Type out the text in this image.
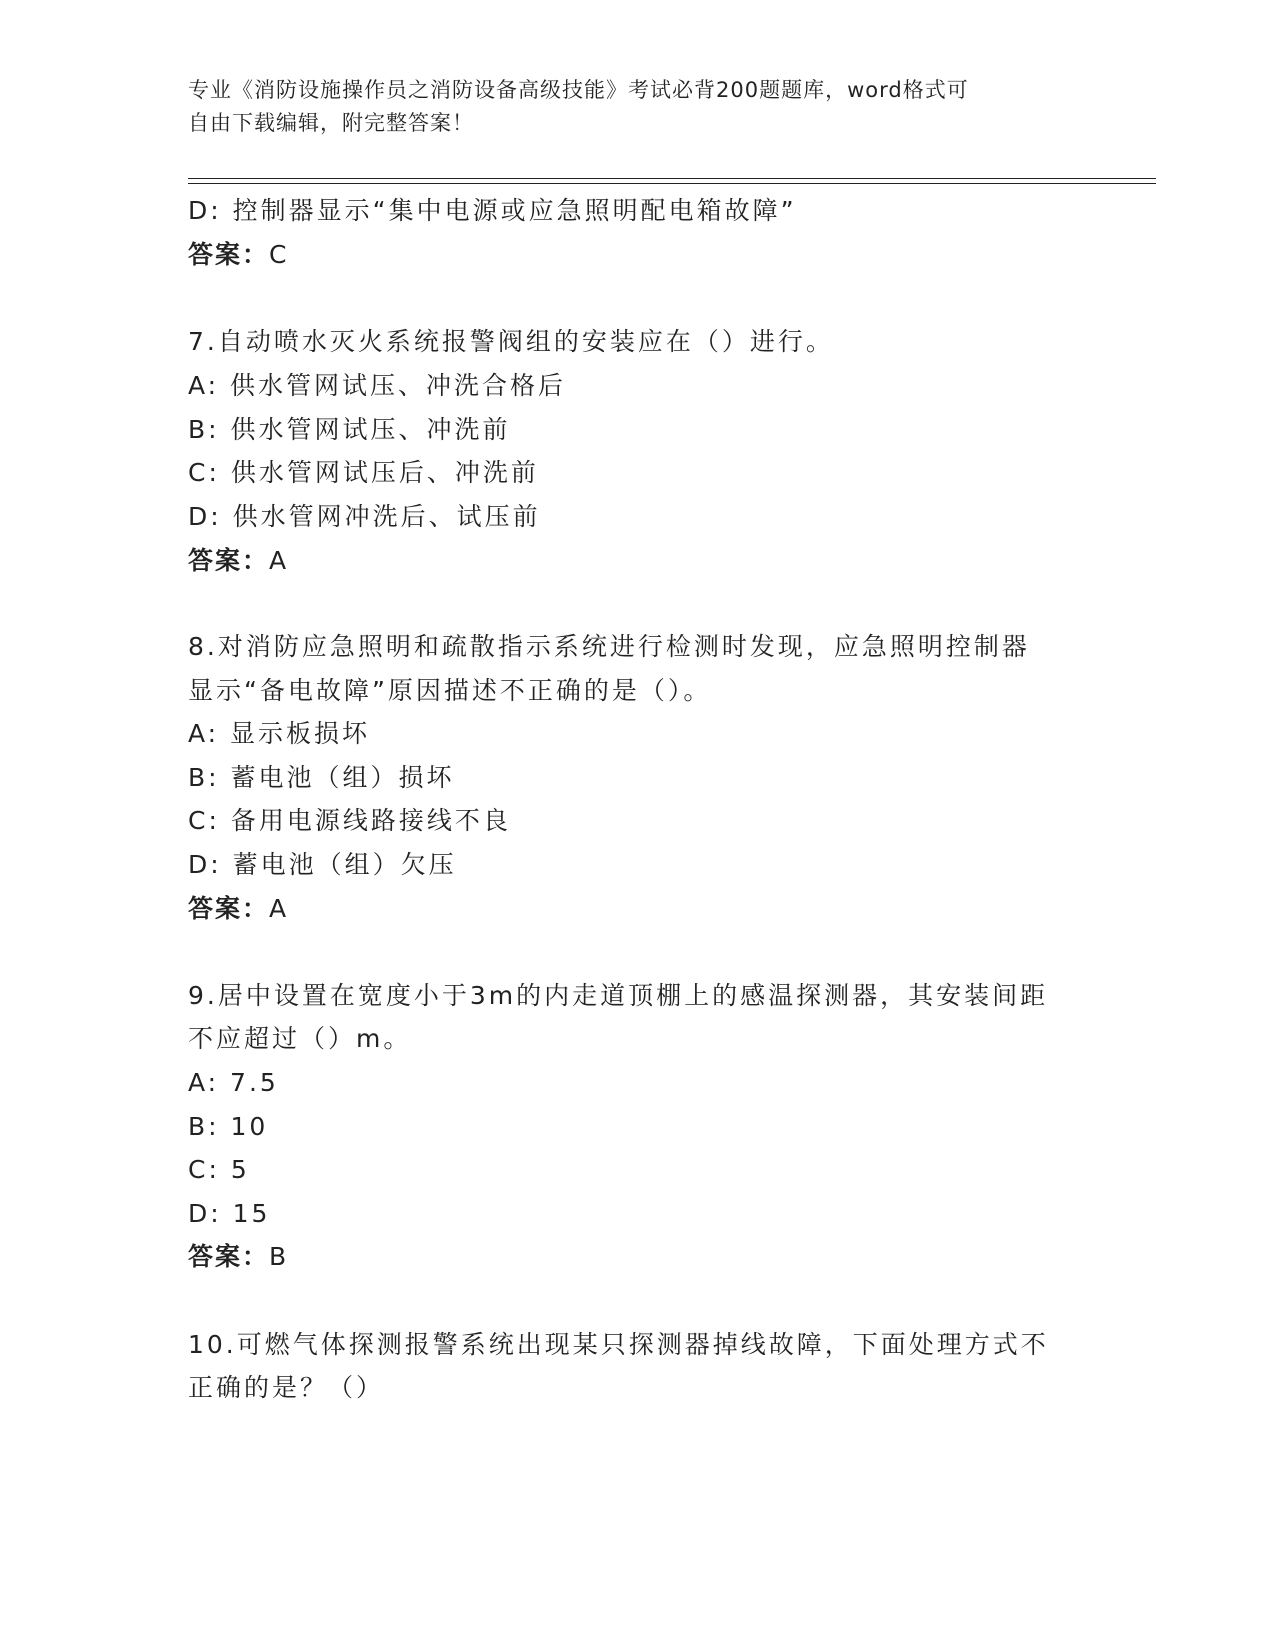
专业《消防设施操作员之消防设备高级技能》考试必背200题题库，word格式可
自由下载编辑，附完整答案！
D: 控制器显示“集中电源或应急照明配电箱故障”
答案：C
7.自动喷水灭火系统报警阀组的安装应在（）进行。
A: 供水管网试压、冲洗合格后
B: 供水管网试压、冲洗前
C: 供水管网试压后、冲洗前
D: 供水管网冲洗后、试压前
答案：A
8.对消防应急照明和疏散指示系统进行检测时发现，应急照明控制器
显示“备电故障”原因描述不正确的是（）。
A: 显示板损坏
B: 蓄电池（组）损坏
C: 备用电源线路接线不良
D: 蓄电池（组）欠压
答案：A
9.居中设置在宽度小于3m的内走道顶棚上的感温探测器，其安装间距
不应超过（）m。
A: 7.5
B: 10
C: 5
D: 15
答案：B
10.可燃气体探测报警系统出现某只探测器掉线故障，下面处理方式不
正确的是？（）
